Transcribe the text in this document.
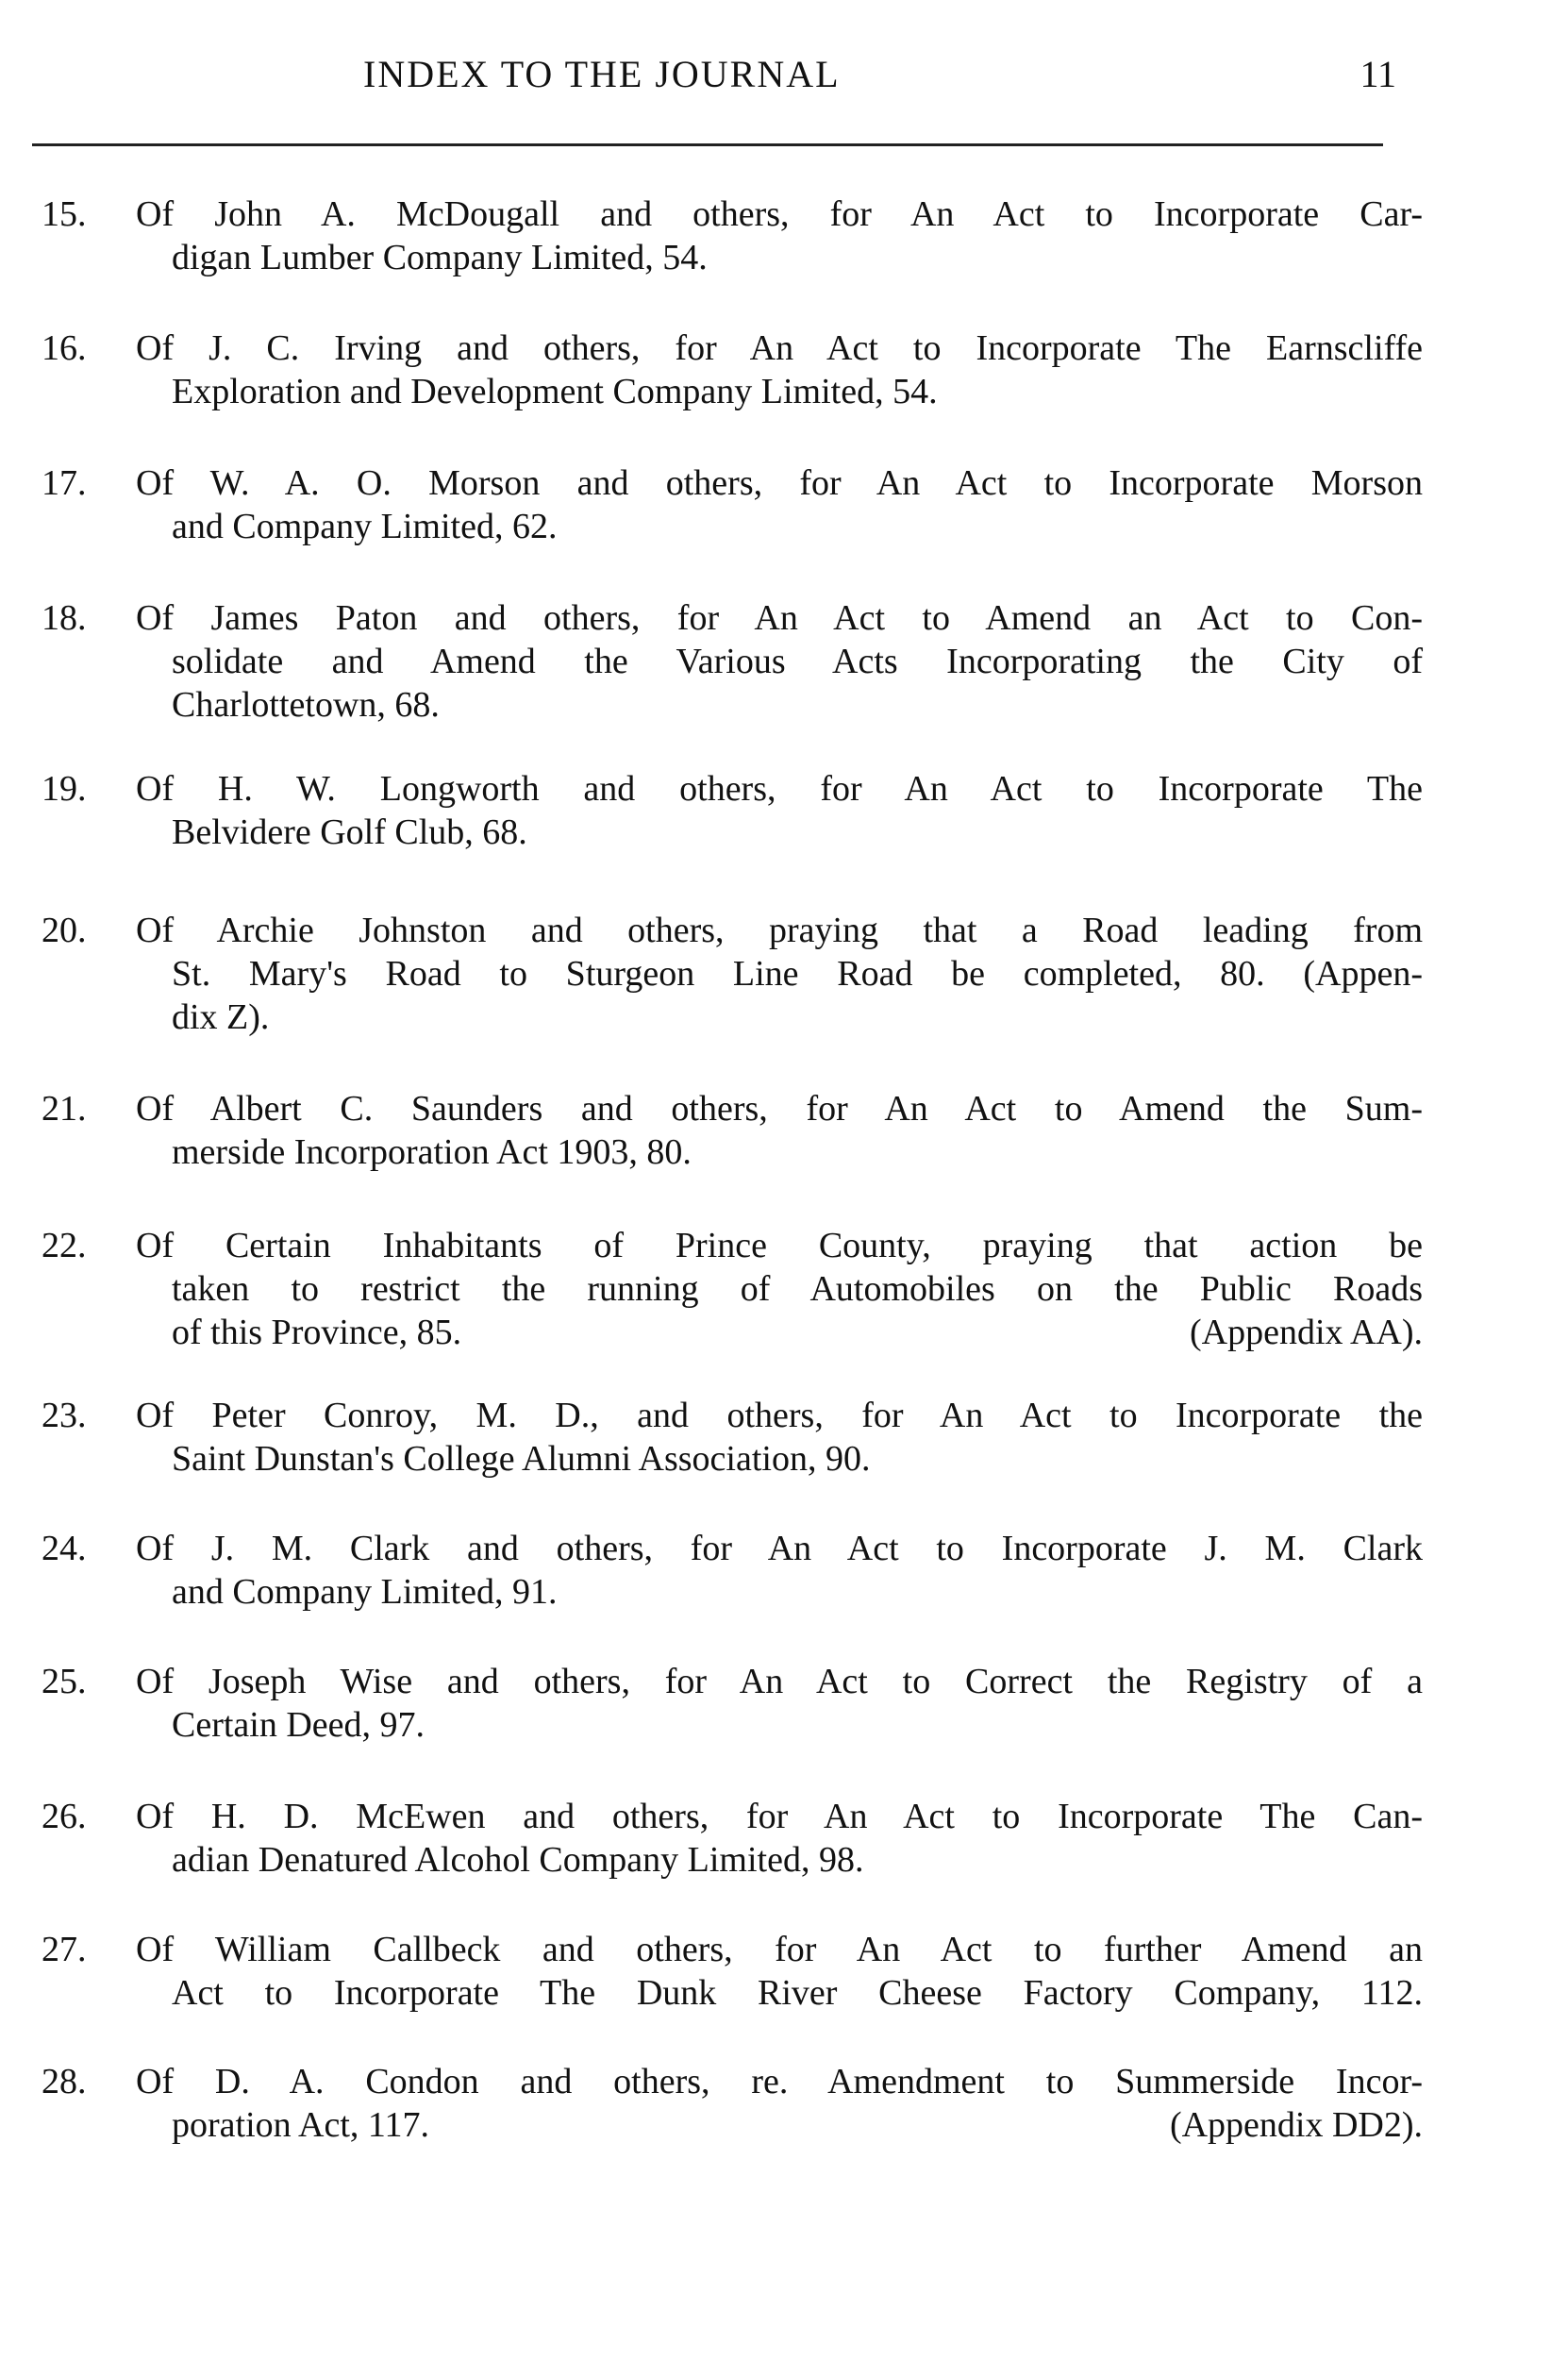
INDEX TO THE JOURNAL	11
15. Of John A. McDougall and others, for An Act to Incorporate Car-
digan Lumber Company Limited, 54.
16. Of J. C. Irving and others, for An Act to Incorporate The Earnscliffe
Exploration and Development Company Limited, 54.
17. Of W. A. O. Morson and others, for An Act to Incorporate Morson
and Company Limited, 62.
18. Of James Paton and others, for An Act to Amend an Act to Con-
solidate and Amend the Various Acts Incorporating the City of
Charlottetown, 68.
19. Of H. W. Longworth and others, for An Act to Incorporate The
Belvidere Golf Club, 68.
20. Of Archie Johnston and others, praying that a Road leading from
St. Mary's Road to Sturgeon Line Road be completed, 80. (Appen-
dix Z).
21. Of Albert C. Saunders and others, for An Act to Amend the Sum-
merside Incorporation Act 1903, 80.
22. Of Certain Inhabitants of Prince County, praying that action be
taken to restrict the running of Automobiles on the Public Roads
of this Province, 85.	(Appendix AA).
23. Of Peter Conroy, M. D., and others, for An Act to Incorporate the
Saint Dunstan's College Alumni Association, 90.
24. Of J. M. Clark and others, for An Act to Incorporate J. M. Clark
and Company Limited, 91.
25. Of Joseph Wise and others, for An Act to Correct the Registry of a
Certain Deed, 97.
26. Of H. D. McEwen and others, for An Act to Incorporate The Can-
adian Denatured Alcohol Company Limited, 98.
27. Of William Callbeck and others, for An Act to further Amend an
Act to Incorporate The Dunk River Cheese Factory Company, 112.
28. Of D. A. Condon and others, re. Amendment to Summerside Incor-
poration Act, 117.	(Appendix DD2).
